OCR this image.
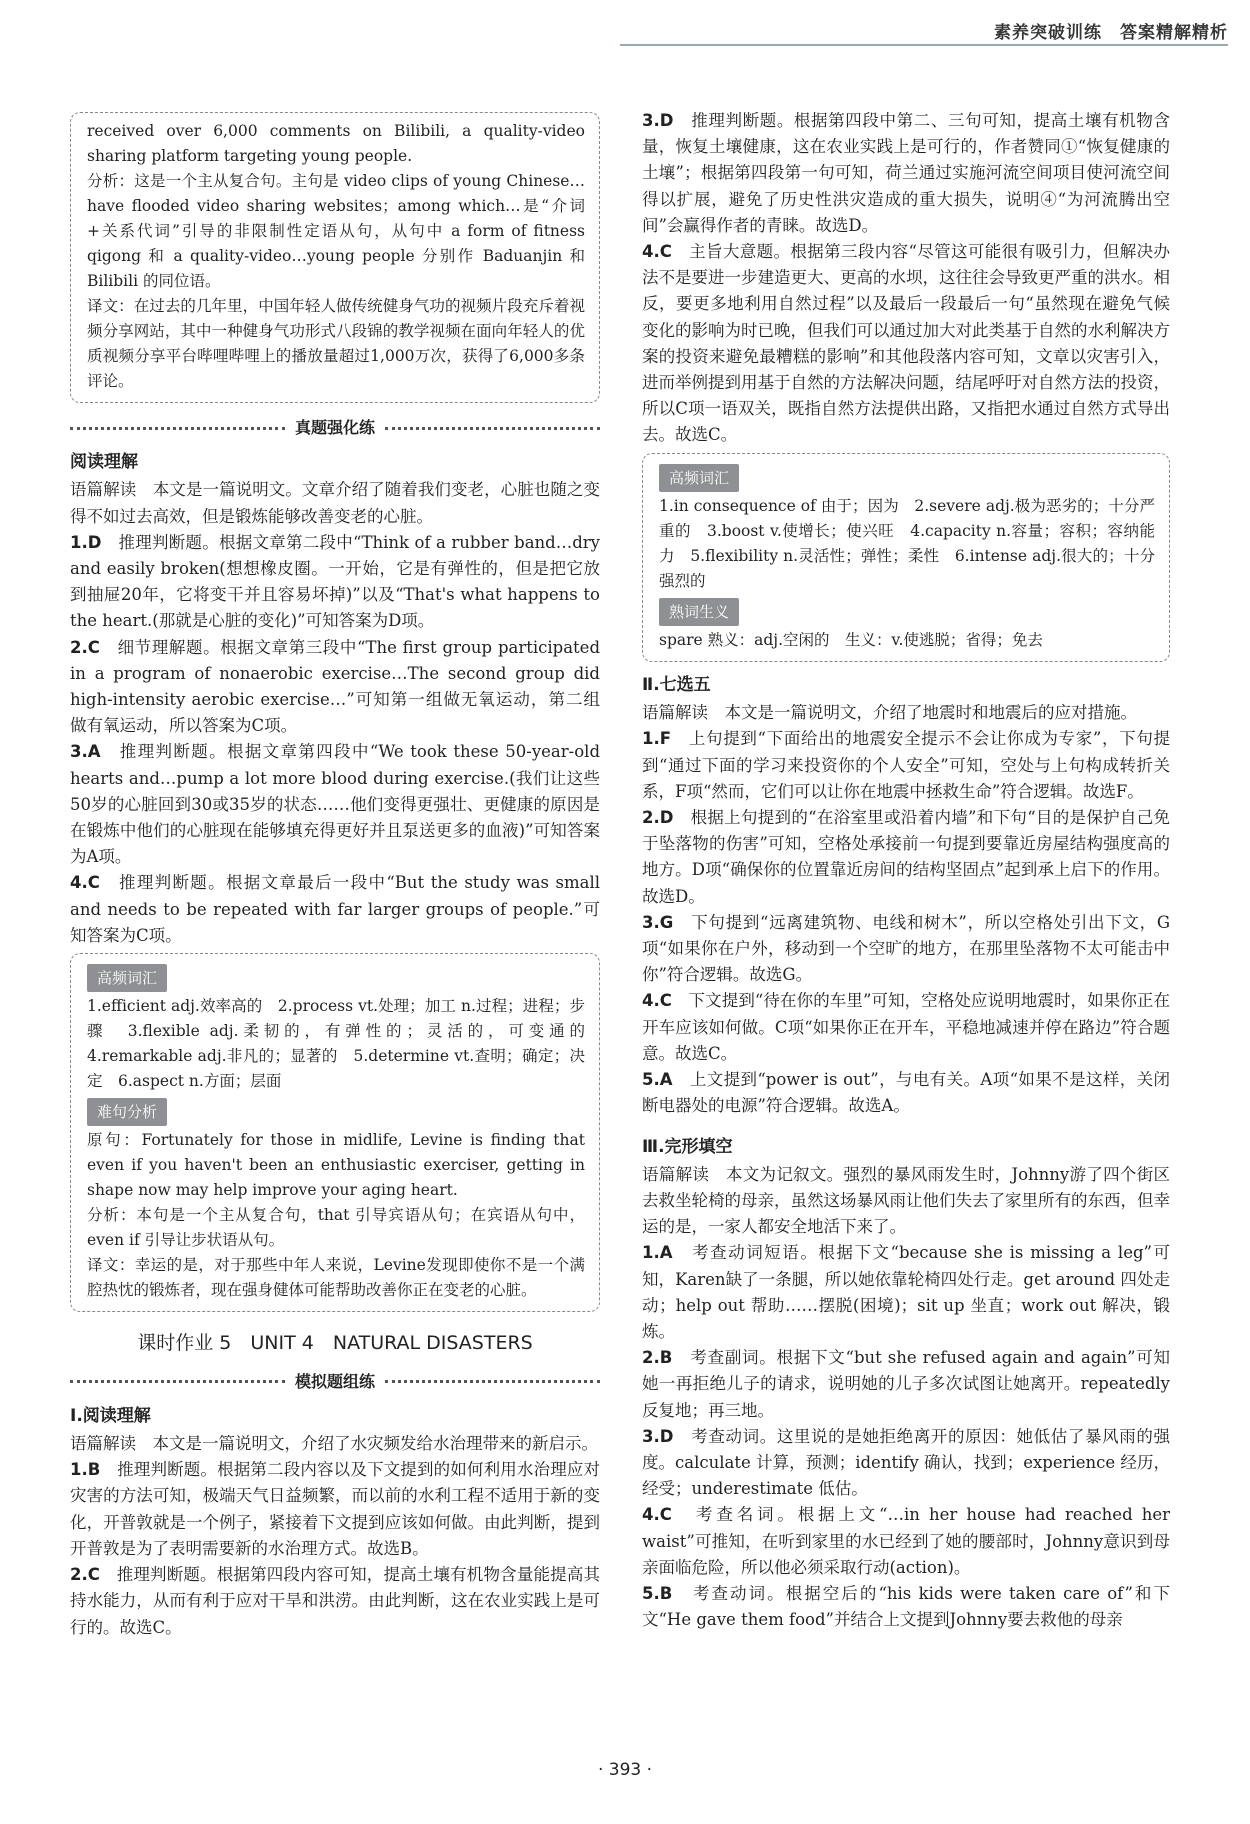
素养突破训练　答案精解精析

received over 6,000 comments on Bilibili, a quality-video sharing platform targeting young people.

分析：这是一个主从复合句。主句是 video clips of young Chinese…have flooded video sharing websites；among which…是“介词+关系代词”引导的非限制性定语从句，从句中 a form of fitness qigong 和 a quality-video…young people 分别作 Baduanjin 和 Bilibili 的同位语。

译文：在过去的几年里，中国年轻人做传统健身气功的视频片段充斥着视频分享网站，其中一种健身气功形式八段锦的教学视频在面向年轻人的优质视频分享平台哔哩哔哩上的播放量超过1,000万次，获得了6,000多条评论。

真题强化练
阅读理解

语篇解读　本文是一篇说明文。文章介绍了随着我们变老，心脏也随之变得不如过去高效，但是锻炼能够改善变老的心脏。

1.D　 推理判断题。根据文章第二段中“Think of a rubber band…dry and easily broken(想想橡皮圈。一开始，它是有弹性的，但是把它放到抽屉20年，它将变干并且容易坏掉)”以及“That's what happens to the heart.(那就是心脏的变化)”可知答案为D项。

2.C　 细节理解题。根据文章第三段中“The first group participated in a program of nonaerobic exercise…The second group did high-intensity aerobic exercise…”可知第一组做无氧运动，第二组做有氧运动，所以答案为C项。

3.A　 推理判断题。根据文章第四段中“We took these 50-year-old hearts and…pump a lot more blood during exercise.(我们让这些50岁的心脏回到30或35岁的状态……他们变得更强壮、更健康的原因是在锻炼中他们的心脏现在能够填充得更好并且泵送更多的血液)”可知答案为A项。

4.C　 推理判断题。根据文章最后一段中“But the study was small and needs to be repeated with far larger groups of people.”可知答案为C项。

高频词汇

1.efficient adj.效率高的　2.process vt.处理；加工 n.过程；进程；步骤　3.flexible adj.柔韧的，有弹性的；灵活的，可变通的　4.remarkable adj.非凡的；显著的　5.determine vt.查明；确定；决定　6.aspect n.方面；层面

难句分析

原句：Fortunately for those in midlife, Levine is finding that even if you haven't been an enthusiastic exerciser, getting in shape now may help improve your aging heart.

分析：本句是一个主从复合句，that 引导宾语从句；在宾语从句中，even if 引导让步状语从句。

译文：幸运的是，对于那些中年人来说，Levine发现即使你不是一个满腔热忱的锻炼者，现在强身健体可能帮助改善你正在变老的心脏。

课时作业 5　UNIT 4　NATURAL DISASTERS
模拟题组练
Ⅰ.阅读理解

语篇解读　本文是一篇说明文，介绍了水灾频发给水治理带来的新启示。

1.B　 推理判断题。根据第二段内容以及下文提到的如何利用水治理应对灾害的方法可知，极端天气日益频繁，而以前的水利工程不适用于新的变化，开普敦就是一个例子，紧接着下文提到应该如何做。由此判断，提到开普敦是为了表明需要新的水治理方式。故选B。

2.C　 推理判断题。根据第四段内容可知，提高土壤有机物含量能提高其持水能力，从而有利于应对干旱和洪涝。由此判断，这在农业实践上是可行的。故选C。

3.D　 推理判断题。根据第四段中第二、三句可知，提高土壤有机物含量，恢复土壤健康，这在农业实践上是可行的，作者赞同①“恢复健康的土壤”；根据第四段第一句可知，荷兰通过实施河流空间项目使河流空间得以扩展，避免了历史性洪灾造成的重大损失，说明④“为河流腾出空间”会赢得作者的青睐。故选D。

4.C　 主旨大意题。根据第三段内容“尽管这可能很有吸引力，但解决办法不是要进一步建造更大、更高的水坝，这往往会导致更严重的洪水。相反，要更多地利用自然过程”以及最后一段最后一句“虽然现在避免气候变化的影响为时已晚，但我们可以通过加大对此类基于自然的水利解决方案的投资来避免最糟糕的影响”和其他段落内容可知，文章以灾害引入，进而举例提到用基于自然的方法解决问题，结尾呼吁对自然方法的投资，所以C项一语双关，既指自然方法提供出路，又指把水通过自然方式导出去。故选C。

高频词汇

1.in consequence of 由于；因为　2.severe adj.极为恶劣的；十分严重的　3.boost v.使增长；使兴旺　4.capacity n.容量；容积；容纳能力　5.flexibility n.灵活性；弹性；柔性　6.intense adj.很大的；十分强烈的

熟词生义

spare 熟义：adj.空闲的　生义：v.使逃脱；省得；免去

Ⅱ.七选五

语篇解读　本文是一篇说明文，介绍了地震时和地震后的应对措施。

1.F　 上句提到“下面给出的地震安全提示不会让你成为专家”，下句提到“通过下面的学习来投资你的个人安全”可知，空处与上句构成转折关系，F项“然而，它们可以让你在地震中拯救生命”符合逻辑。故选F。

2.D　 根据上句提到的“在浴室里或沿着内墙”和下句“目的是保护自己免于坠落物的伤害”可知，空格处承接前一句提到要靠近房屋结构强度高的地方。D项“确保你的位置靠近房间的结构坚固点”起到承上启下的作用。故选D。

3.G　 下句提到“远离建筑物、电线和树木”，所以空格处引出下文，G项“如果你在户外，移动到一个空旷的地方，在那里坠落物不太可能击中你”符合逻辑。故选G。

4.C　 下文提到“待在你的车里”可知，空格处应说明地震时，如果你正在开车应该如何做。C项“如果你正在开车，平稳地减速并停在路边”符合题意。故选C。

5.A　 上文提到“power is out”，与电有关。A项“如果不是这样，关闭断电器处的电源”符合逻辑。故选A。

Ⅲ.完形填空

语篇解读　本文为记叙文。强烈的暴风雨发生时，Johnny游了四个街区去救坐轮椅的母亲，虽然这场暴风雨让他们失去了家里所有的东西，但幸运的是，一家人都安全地活下来了。

1.A　 考查动词短语。根据下文“because she is missing a leg”可知，Karen缺了一条腿，所以她依靠轮椅四处行走。get around 四处走动；help out 帮助……摆脱(困境)；sit up 坐直；work out 解决，锻炼。

2.B　 考查副词。根据下文“but she refused again and again”可知她一再拒绝儿子的请求，说明她的儿子多次试图让她离开。repeatedly 反复地；再三地。

3.D　 考查动词。这里说的是她拒绝离开的原因：她低估了暴风雨的强度。calculate 计算，预测；identify 确认，找到；experience 经历，经受；underestimate 低估。

4.C　 考查名词。根据上文“…in her house had reached her waist”可推知，在听到家里的水已经到了她的腰部时，Johnny意识到母亲面临危险，所以他必须采取行动(action)。

5.B　 考查动词。根据空后的“his kids were taken care of”和下文“He gave them food”并结合上文提到Johnny要去救他的母亲

· 393 ·
